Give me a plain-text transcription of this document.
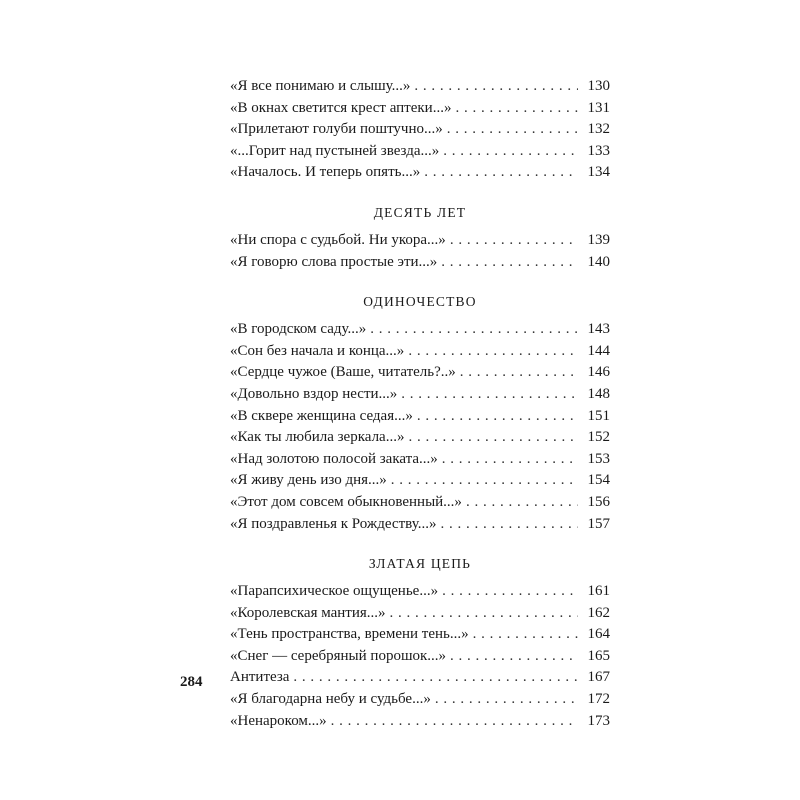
«Я все понимаю и слышу...» . . .	130
«В окнах светится крест аптеки...» . . .	131
«Прилетают голуби поштучно...» . . .	132
«...Горит над пустыней звезда...» . . .	133
«Началось. И теперь опять...» . . .	134
ДЕСЯТЬ ЛЕТ
«Ни спора с судьбой. Ни укора...» . . .	139
«Я говорю слова простые эти...» . . .	140
ОДИНОЧЕСТВО
«В городском саду...» . . .	143
«Сон без начала и конца...» . . .	144
«Сердце чужое (Ваше, читатель?..» . . .	146
«Довольно вздор нести...» . . .	148
«В сквере женщина седая...» . . .	151
«Как ты любила зеркала...» . . .	152
«Над золотою полосой заката...» . . .	153
«Я живу день изо дня...» . . .	154
«Этот дом совсем обыкновенный...» . . .	156
«Я поздравленья к Рождеству...» . . .	157
ЗЛАТАЯ ЦЕПЬ
«Парапсихическое ощущенье...» . . .	161
«Королевская мантия...» . . .	162
«Тень пространства, времени тень...» . . .	164
«Снег — серебряный порошок...» . . .	165
Антитеза . . .	167
«Я благодарна небу и судьбе...» . . .	172
«Ненароком...» . . .	173
284
